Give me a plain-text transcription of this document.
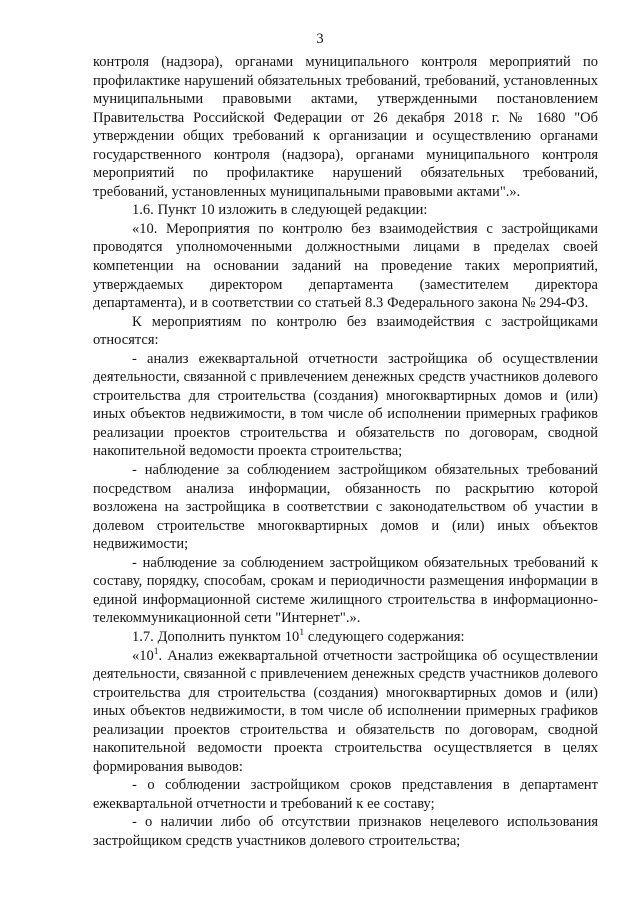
3

контроля (надзора), органами муниципального контроля мероприятий по профилактике нарушений обязательных требований, требований, установленных муниципальными правовыми актами, утвержденными постановлением Правительства Российской Федерации от 26 декабря 2018 г. № 1680 "Об утверждении общих требований к организации и осуществлению органами государственного контроля (надзора), органами муниципального контроля мероприятий по профилактике нарушений обязательных требований, требований, установленных муниципальными правовыми актами".».

1.6. Пункт 10 изложить в следующей редакции:

«10. Мероприятия по контролю без взаимодействия с застройщиками проводятся уполномоченными должностными лицами в пределах своей компетенции на основании заданий на проведение таких мероприятий, утверждаемых директором департамента (заместителем директора департамента), и в соответствии со статьей 8.3 Федерального закона № 294-ФЗ.

К мероприятиям по контролю без взаимодействия с застройщиками относятся:

- анализ ежеквартальной отчетности застройщика об осуществлении деятельности, связанной с привлечением денежных средств участников долевого строительства для строительства (создания) многоквартирных домов и (или) иных объектов недвижимости, в том числе об исполнении примерных графиков реализации проектов строительства и обязательств по договорам, сводной накопительной ведомости проекта строительства;

- наблюдение за соблюдением застройщиком обязательных требований посредством анализа информации, обязанность по раскрытию которой возложена на застройщика в соответствии с законодательством об участии в долевом строительстве многоквартирных домов и (или) иных объектов недвижимости;

- наблюдение за соблюдением застройщиком обязательных требований к составу, порядку, способам, срокам и периодичности размещения информации в единой информационной системе жилищного строительства в информационно-телекоммуникационной сети "Интернет".».

1.7. Дополнить пунктом $10^1$ следующего содержания:

«$10^1$. Анализ ежеквартальной отчетности застройщика об осуществлении деятельности, связанной с привлечением денежных средств участников долевого строительства для строительства (создания) многоквартирных домов и (или) иных объектов недвижимости, в том числе об исполнении примерных графиков реализации проектов строительства и обязательств по договорам, сводной накопительной ведомости проекта строительства осуществляется в целях формирования выводов:

- о соблюдении застройщиком сроков представления в департамент ежеквартальной отчетности и требований к ее составу;

- о наличии либо об отсутствии признаков нецелевого использования застройщиком средств участников долевого строительства;
